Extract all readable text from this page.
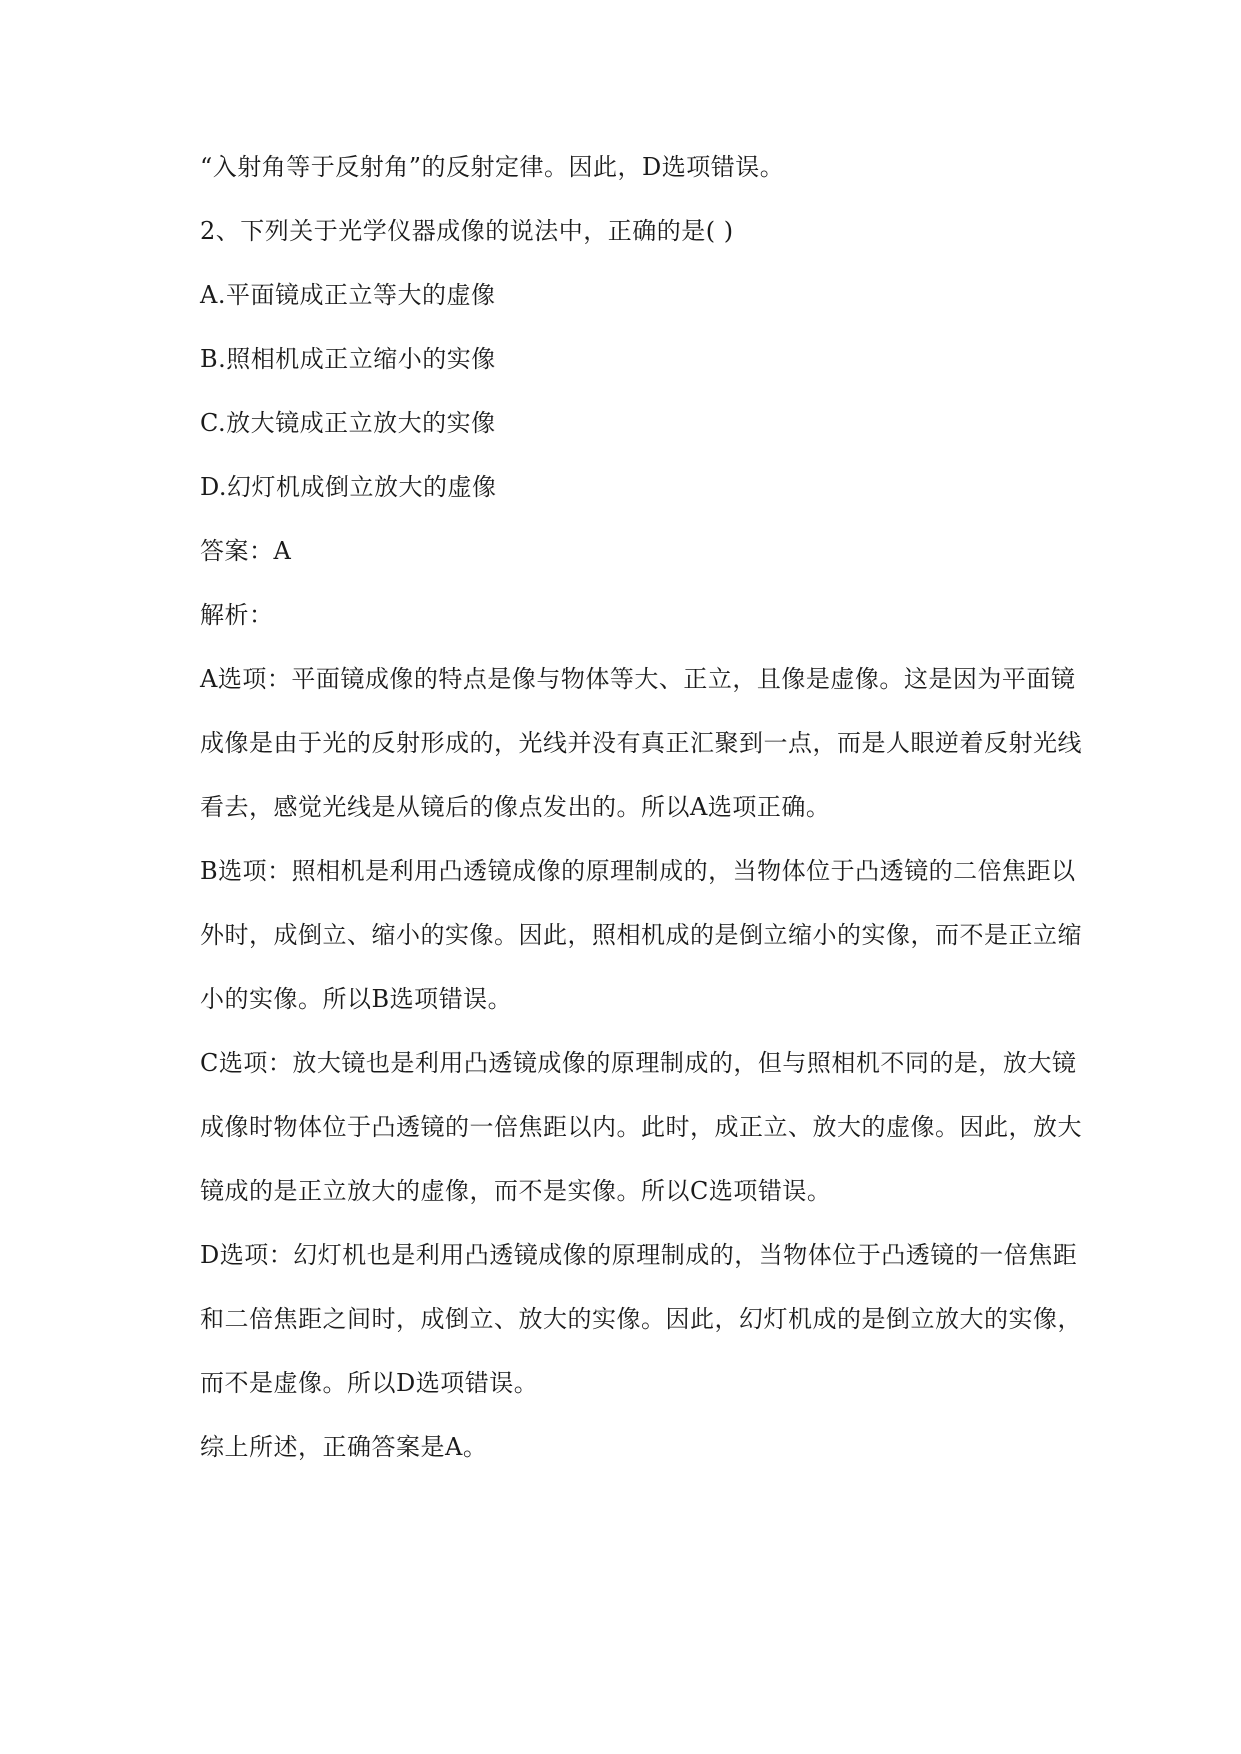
“入射角等于反射角”的反射定律。因此，D选项错误。
2、下列关于光学仪器成像的说法中，正确的是( )
A.平面镜成正立等大的虚像
B.照相机成正立缩小的实像
C.放大镜成正立放大的实像
D.幻灯机成倒立放大的虚像
答案：A
解析：
A选项：平面镜成像的特点是像与物体等大、正立，且像是虚像。这是因为平面镜
成像是由于光的反射形成的，光线并没有真正汇聚到一点，而是人眼逆着反射光线
看去，感觉光线是从镜后的像点发出的。所以A选项正确。
B选项：照相机是利用凸透镜成像的原理制成的，当物体位于凸透镜的二倍焦距以
外时，成倒立、缩小的实像。因此，照相机成的是倒立缩小的实像，而不是正立缩
小的实像。所以B选项错误。
C选项：放大镜也是利用凸透镜成像的原理制成的，但与照相机不同的是，放大镜
成像时物体位于凸透镜的一倍焦距以内。此时，成正立、放大的虚像。因此，放大
镜成的是正立放大的虚像，而不是实像。所以C选项错误。
D选项：幻灯机也是利用凸透镜成像的原理制成的，当物体位于凸透镜的一倍焦距
和二倍焦距之间时，成倒立、放大的实像。因此，幻灯机成的是倒立放大的实像，
而不是虚像。所以D选项错误。
综上所述，正确答案是A。
